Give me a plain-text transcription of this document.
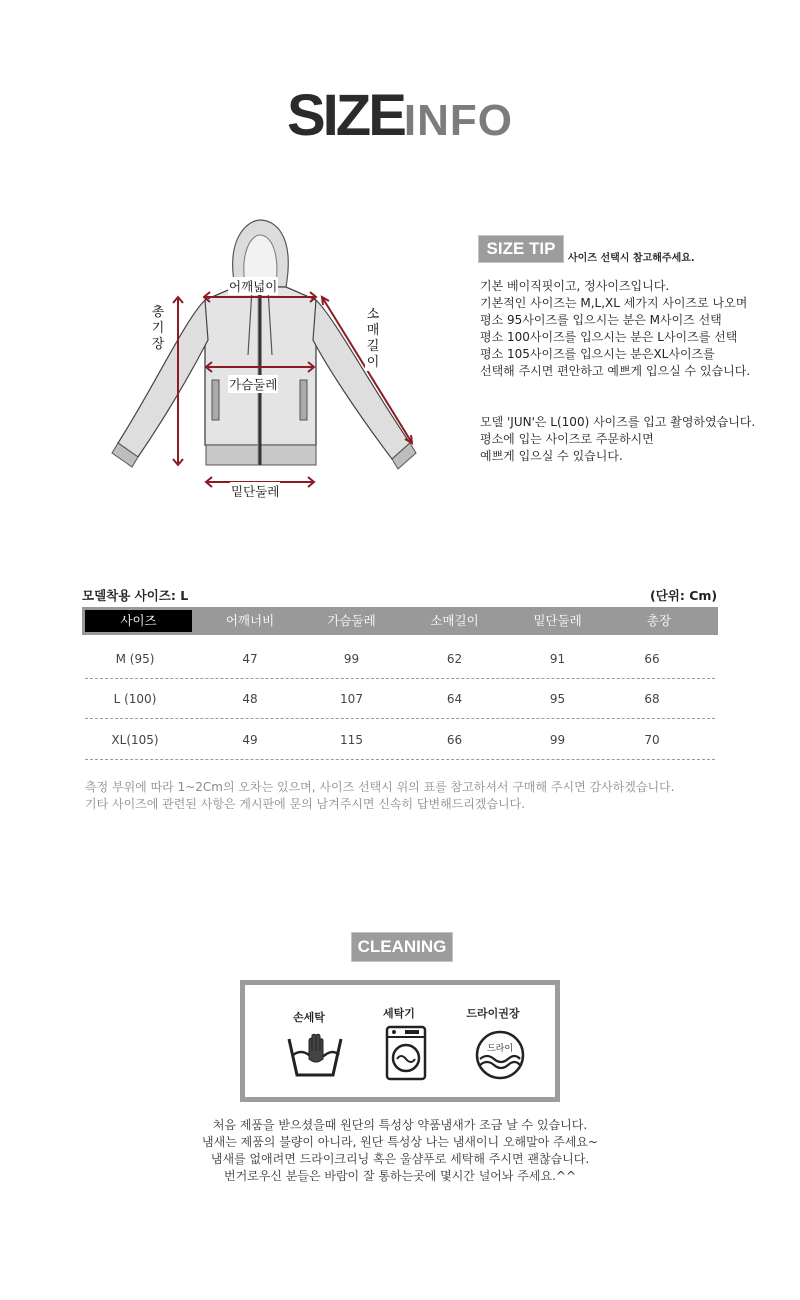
SIZEINFO
어깨넓이
가슴둘레
밑단둘레
총
기
장
소
매
길
이
SIZE TIP
사이즈 선택시 참고해주세요.
기본 베이직핏이고, 정사이즈입니다.
기본적인 사이즈는 M,L,XL 세가지 사이즈로 나오며
평소 95사이즈를 입으시는 분은 M사이즈 선택
평소 100사이즈를 입으시는 분은 L사이즈를 선택
평소 105사이즈를 입으시는 분은XL사이즈를
선택해 주시면 편안하고 예쁘게 입으실 수 있습니다.
모델 'JUN'은 L(100) 사이즈를 입고 촬영하였습니다.
평소에 입는 사이즈로 주문하시면
예쁘게 입으실 수 있습니다.
모델착용 사이즈: L	(단위: Cm)
사이즈	어깨너비	가슴둘레	소매길이	밑단둘레	총장
M (95)	47	99	62	91	66
L (100)	48	107	64	95	68
XL(105)	49	115	66	99	70
측정 부위에 따라 1~2Cm의 오차는 있으며, 사이즈 선택시 위의 표를 참고하셔서 구매해 주시면 감사하겠습니다.
기타 사이즈에 관련된 사항은 게시판에 문의 남겨주시면 신속히 답변해드리겠습니다.
CLEANING
손세탁	세탁기	드라이권장
드라이
처음 제품을 받으셨을때 원단의 특성상 약품냄새가 조금 날 수 있습니다.
냄새는 제품의 불량이 아니라, 원단 특성상 나는 냄새이니 오해말아 주세요~
냄새를 없애려면 드라이크리닝 혹은 울샴푸로 세탁해 주시면 괜찮습니다.
번거로우신 분들은 바람이 잘 통하는곳에 몇시간 널어놔 주세요.^^
